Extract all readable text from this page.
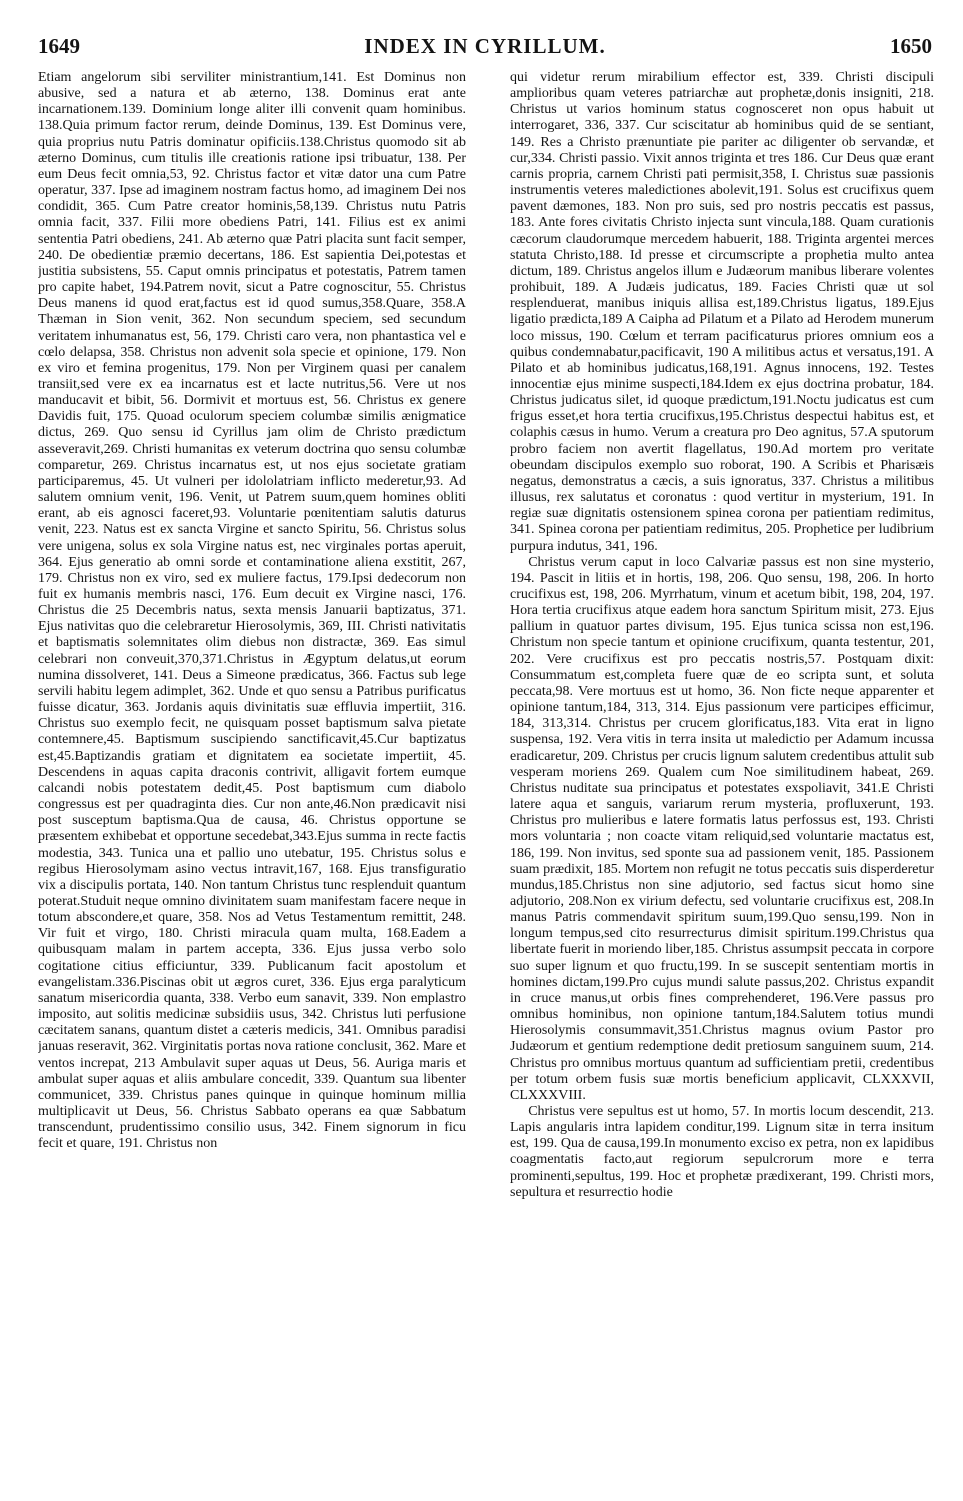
1649	INDEX IN CYRILLUM.	1650

Etiam angelorum sibi serviliter ministrantium,141. Est Dominus non abusive, sed a natura et ab æterno, 138. Dominus erat ante incarnationem.139. Dominium longe aliter illi convenit quam hominibus. 138.Quia primum factor rerum, deinde Dominus, 139. Est Dominus vere, quia proprius nutu Patris dominatur opificiis.138.Christus quomodo sit ab æterno Dominus, cum titulis ille creationis ratione ipsi tribuatur, 138. Per eum Deus fecit omnia,53, 92. Christus factor et vitæ dator una cum Patre operatur, 337. Ipse ad imaginem nostram factus homo, ad imaginem Dei nos condidit, 365. Cum Patre creator hominis,58,139. Christus nutu Patris omnia facit, 337. Filii more obediens Patri, 141. Filius est ex animi sententia Patri obediens, 241. Ab æterno quæ Patri placita sunt facit semper, 240. De obedientiæ præmio decertans, 186. Est sapientia Dei,potestas et justitia subsistens, 55. Caput omnis principatus et potestatis, Patrem tamen pro capite habet, 194.Patrem novit, sicut a Patre cognoscitur, 55. Christus Deus manens id quod erat,factus est id quod sumus,358.Quare, 358.A Thæman in Sion venit, 362. Non secundum speciem, sed secundum veritatem inhumanatus est, 56, 179. Christi caro vera, non phantastica vel e cœlo delapsa, 358. Christus non advenit sola specie et opinione, 179. Non ex viro et femina progenitus, 179. Non per Virginem quasi per canalem transiit,sed vere ex ea incarnatus est et lacte nutritus,56. Vere ut nos manducavit et bibit, 56. Dormivit et mortuus est, 56. Christus ex genere Davidis fuit, 175. Quoad oculorum speciem columbæ similis ænigmatice dictus, 269. Quo sensu id Cyrillus jam olim de Christo prædictum asseveravit,269. Christi humanitas ex veterum doctrina quo sensu columbæ comparetur, 269. Christus incarnatus est, ut nos ejus societate gratiam participaremus, 45. Ut vulneri per idololatriam inflicto mederetur,93. Ad salutem omnium venit, 196. Venit, ut Patrem suum,quem homines obliti erant, ab eis agnosci faceret,93. Voluntarie pœnitentiam salutis daturus venit, 223. Natus est ex sancta Virgine et sancto Spiritu, 56. Christus solus vere unigena, solus ex sola Virgine natus est, nec virginales portas aperuit, 364. Ejus generatio ab omni sorde et contaminatione aliena exstitit, 267, 179. Christus non ex viro, sed ex muliere factus, 179.Ipsi dedecorum non fuit ex humanis membris nasci, 176. Eum decuit ex Virgine nasci, 176. Christus die 25 Decembris natus, sexta mensis Januarii baptizatus, 371. Ejus nativitas quo die celebraretur Hierosolymis, 369, III. Christi nativitatis et baptismatis solemnitates olim diebus non distractæ, 369. Eas simul celebrari non conveuit,370,371.Christus in Ægyptum delatus,ut eorum numina dissolveret, 141. Deus a Simeone prædicatus, 366. Factus sub lege servili habitu legem adimplet, 362. Unde et quo sensu a Patribus purificatus fuisse dicatur, 363. Jordanis aquis divinitatis suæ effluvia impertiit, 316. Christus suo exemplo fecit, ne quisquam posset baptismum salva pietate contemnere,45. Baptismum suscipiendo sanctificavit,45.Cur baptizatus est,45.Baptizandis gratiam et dignitatem ea societate impertiit, 45. Descendens in aquas capita draconis contrivit, alligavit fortem eumque calcandi nobis potestatem dedit,45. Post baptismum cum diabolo congressus est per quadraginta dies. Cur non ante,46.Non prædicavit nisi post susceptum baptisma.Qua de causa, 46. Christus opportune se præsentem exhibebat et opportune secedebat,343.Ejus summa in recte factis modestia, 343. Tunica una et pallio uno utebatur, 195. Christus solus e regibus Hierosolymam asino vectus intravit,167, 168. Ejus transfiguratio vix a discipulis portata, 140. Non tantum Christus tunc resplenduit quantum poterat.Studuit neque omnino divinitatem suam manifestam facere neque in totum abscondere,et quare, 358. Nos ad Vetus Testamentum remittit, 248. Vir fuit et virgo, 180. Christi miracula quam multa, 168.Eadem a quibusquam malam in partem accepta, 336. Ejus jussa verbo solo cogitatione citius efficiuntur, 339. Publicanum facit apostolum et evangelistam.336.Piscinas obit ut ægros curet, 336. Ejus erga paralyticum sanatum misericordia quanta, 338. Verbo eum sanavit, 339. Non emplastro imposito, aut solitis medicinæ subsidiis usus, 342. Christus luti perfusione cæcitatem sanans, quantum distet a cæteris medicis, 341. Omnibus paradisi januas reseravit, 362. Virginitatis portas nova ratione conclusit, 362. Mare et ventos increpat, 213 Ambulavit super aquas ut Deus, 56. Auriga maris et ambulat super aquas et aliis ambulare concedit, 339. Quantum sua libenter communicet, 339. Christus panes quinque in quinque hominum millia multiplicavit ut Deus, 56. Christus Sabbato operans ea quæ Sabbatum transcendunt, prudentissimo consilio usus, 342. Finem signorum in ficu fecit et quare, 191. Christus non

qui videtur rerum mirabilium effector est, 339. Christi discipuli amplioribus quam veteres patriarchæ aut prophetæ,donis insigniti, 218. Christus ut varios hominum status cognosceret non opus habuit ut interrogaret, 336, 337. Cur sciscitatur ab hominibus quid de se sentiant, 149. Res a Christo prænuntiate pie pariter ac diligenter ob servandæ, et cur,334. Christi passio. Vixit annos triginta et tres 186. Cur Deus quæ erant carnis propria, carnem Christi pati permisit,358, I. Christus suæ passionis instrumentis veteres maledictiones abolevit,191. Solus est crucifixus quem pavent dæmones, 183. Non pro suis, sed pro nostris peccatis est passus, 183. Ante fores civitatis Christo injecta sunt vincula,188. Quam curationis cæcorum claudorumque mercedem habuerit, 188. Triginta argentei merces statuta Christo,188. Id presse et circumscripte a prophetia multo antea dictum, 189. Christus angelos illum e Judæorum manibus liberare volentes prohibuit, 189. A Judæis judicatus, 189. Facies Christi quæ ut sol resplenduerat, manibus iniquis allisa est,189.Christus ligatus, 189.Ejus ligatio prædicta,189 A Caipha ad Pilatum et a Pilato ad Herodem munerum loco missus, 190. Cœlum et terram pacificaturus priores omnium eos a quibus condemnabatur,pacificavit, 190 A militibus actus et versatus,191. A Pilato et ab hominibus judicatus,168,191. Agnus innocens, 192. Testes innocentiæ ejus minime suspecti,184.Idem ex ejus doctrina probatur, 184. Christus judicatus silet, id quoque prædictum,191.Noctu judicatus est cum frigus esset,et hora tertia crucifixus,195.Christus despectui habitus est, et colaphis cæsus in humo. Verum a creatura pro Deo agnitus, 57.A sputorum probro faciem non avertit flagellatus, 190.Ad mortem pro veritate obeundam discipulos exemplo suo roborat, 190. A Scribis et Pharisæis negatus, demonstratus a cæcis, a suis ignoratus, 337. Christus a militibus illusus, rex salutatus et coronatus : quod vertitur in mysterium, 191. In regiæ suæ dignitatis ostensionem spinea corona per patientiam redimitus, 341. Spinea corona per patientiam redimitus, 205. Prophetice per ludibrium purpura indutus, 341, 196.

Christus verum caput in loco Calvariæ passus est non sine mysterio, 194. Pascit in litiis et in hortis, 198, 206. Quo sensu, 198, 206. In horto crucifixus est, 198, 206. Myrrhatum, vinum et acetum bibit, 198, 204, 197. Hora tertia crucifixus atque eadem hora sanctum Spiritum misit, 273. Ejus pallium in quatuor partes divisum, 195. Ejus tunica scissa non est,196. Christum non specie tantum et opinione crucifixum, quanta testentur, 201, 202. Vere crucifixus est pro peccatis nostris,57. Postquam dixit: Consummatum est,completa fuere quæ de eo scripta sunt, et soluta peccata,98. Vere mortuus est ut homo, 36. Non ficte neque apparenter et opinione tantum,184, 313, 314. Ejus passionum vere participes efficimur, 184, 313,314. Christus per crucem glorificatus,183. Vita erat in ligno suspensa, 192. Vera vitis in terra insita ut maledictio per Adamum incussa eradicaretur, 209. Christus per crucis lignum salutem credentibus attulit sub vesperam moriens 269. Qualem cum Noe similitudinem habeat, 269. Christus nuditate sua principatus et potestates exspoliavit, 341.E Christi latere aqua et sanguis, variarum rerum mysteria, profluxerunt, 193. Christus pro mulieribus e latere formatis latus perfossus est, 193. Christi mors voluntaria ; non coacte vitam reliquid,sed voluntarie mactatus est, 186, 199. Non invitus, sed sponte sua ad passionem venit, 185. Passionem suam prædixit, 185. Mortem non refugit ne totus peccatis suis disperderetur mundus,185.Christus non sine adjutorio, sed factus sicut homo sine adjutorio, 208.Non ex virium defectu, sed voluntarie crucifixus est, 208.In manus Patris commendavit spiritum suum,199.Quo sensu,199. Non in longum tempus,sed cito resurrecturus dimisit spiritum.199.Christus qua libertate fuerit in moriendo liber,185. Christus assumpsit peccata in corpore suo super lignum et quo fructu,199. In se suscepit sententiam mortis in homines dictam,199.Pro cujus mundi salute passus,202. Christus expandit in cruce manus,ut orbis fines comprehenderet, 196.Vere passus pro omnibus hominibus, non opinione tantum,184.Salutem totius mundi Hierosolymis consummavit,351.Christus magnus ovium Pastor pro Judæorum et gentium redemptione dedit pretiosum sanguinem suum, 214. Christus pro omnibus mortuus quantum ad sufficientiam pretii, credentibus per totum orbem fusis suæ mortis beneficium applicavit, CLXXXVII, CLXXXVIII.

Christus vere sepultus est ut homo, 57. In mortis locum descendit, 213. Lapis angularis intra lapidem conditur,199. Lignum sitæ in terra insitum est, 199. Qua de causa,199.In monumento exciso ex petra, non ex lapidibus coagmentatis facto,aut regiorum sepulcrorum more e terra prominenti,sepultus, 199. Hoc et prophetæ prædixerant, 199. Christi mors, sepultura et resurrectio hodie
